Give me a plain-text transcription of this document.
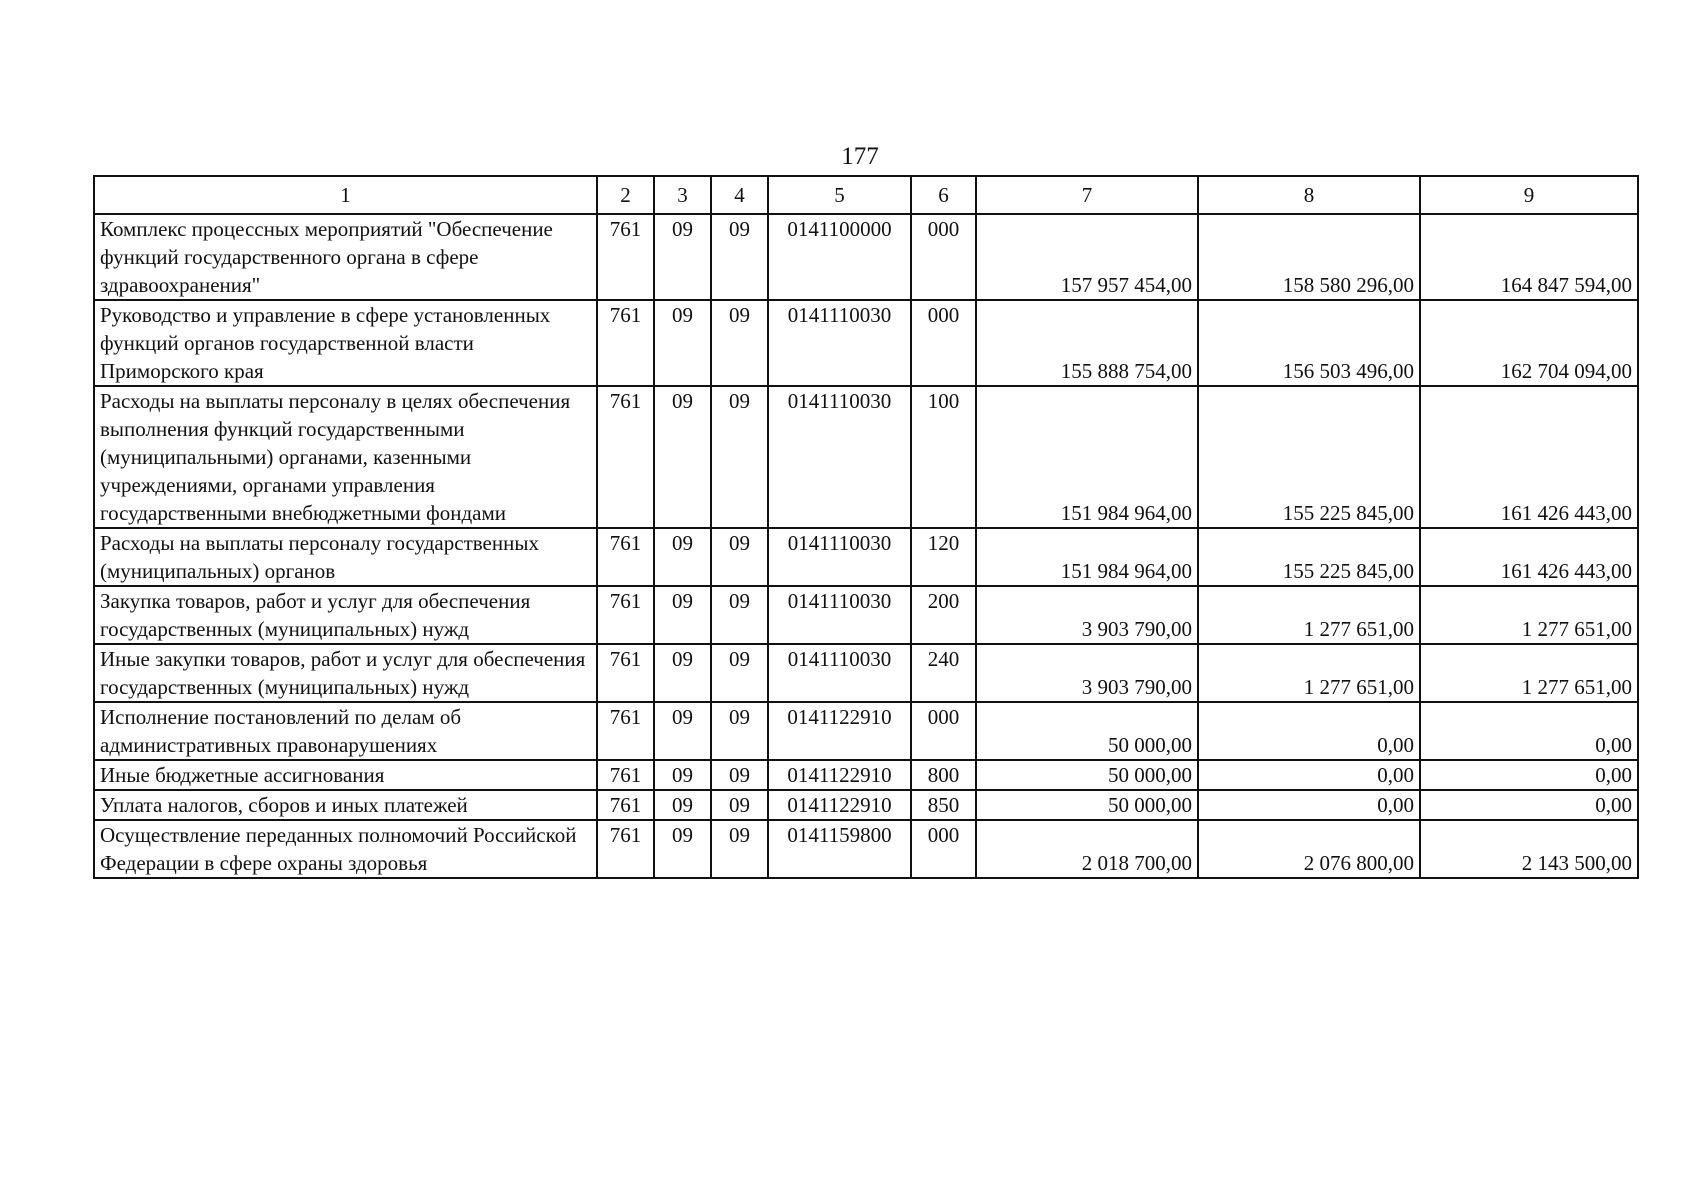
177
1	2	3	4	5	6	7	8	9
Комплекс процессных мероприятий "Обеспечение функций государственного органа в сфере здравоохранения"	761	09	09	0141100000	000	157 957 454,00	158 580 296,00	164 847 594,00
Руководство и управление в сфере установленных функций органов государственной власти Приморского края	761	09	09	0141110030	000	155 888 754,00	156 503 496,00	162 704 094,00
Расходы на выплаты персоналу в целях обеспечения выполнения функций государственными (муниципальными) органами, казенными учреждениями, органами управления государственными внебюджетными фондами	761	09	09	0141110030	100	151 984 964,00	155 225 845,00	161 426 443,00
Расходы на выплаты персоналу государственных (муниципальных) органов	761	09	09	0141110030	120	151 984 964,00	155 225 845,00	161 426 443,00
Закупка товаров, работ и услуг для обеспечения государственных (муниципальных) нужд	761	09	09	0141110030	200	3 903 790,00	1 277 651,00	1 277 651,00
Иные закупки товаров, работ и услуг для обеспечения государственных (муниципальных) нужд	761	09	09	0141110030	240	3 903 790,00	1 277 651,00	1 277 651,00
Исполнение постановлений по делам об административных правонарушениях	761	09	09	0141122910	000	50 000,00	0,00	0,00
Иные бюджетные ассигнования	761	09	09	0141122910	800	50 000,00	0,00	0,00
Уплата налогов, сборов и иных платежей	761	09	09	0141122910	850	50 000,00	0,00	0,00
Осуществление переданных полномочий Российской Федерации в сфере охраны здоровья	761	09	09	0141159800	000	2 018 700,00	2 076 800,00	2 143 500,00
